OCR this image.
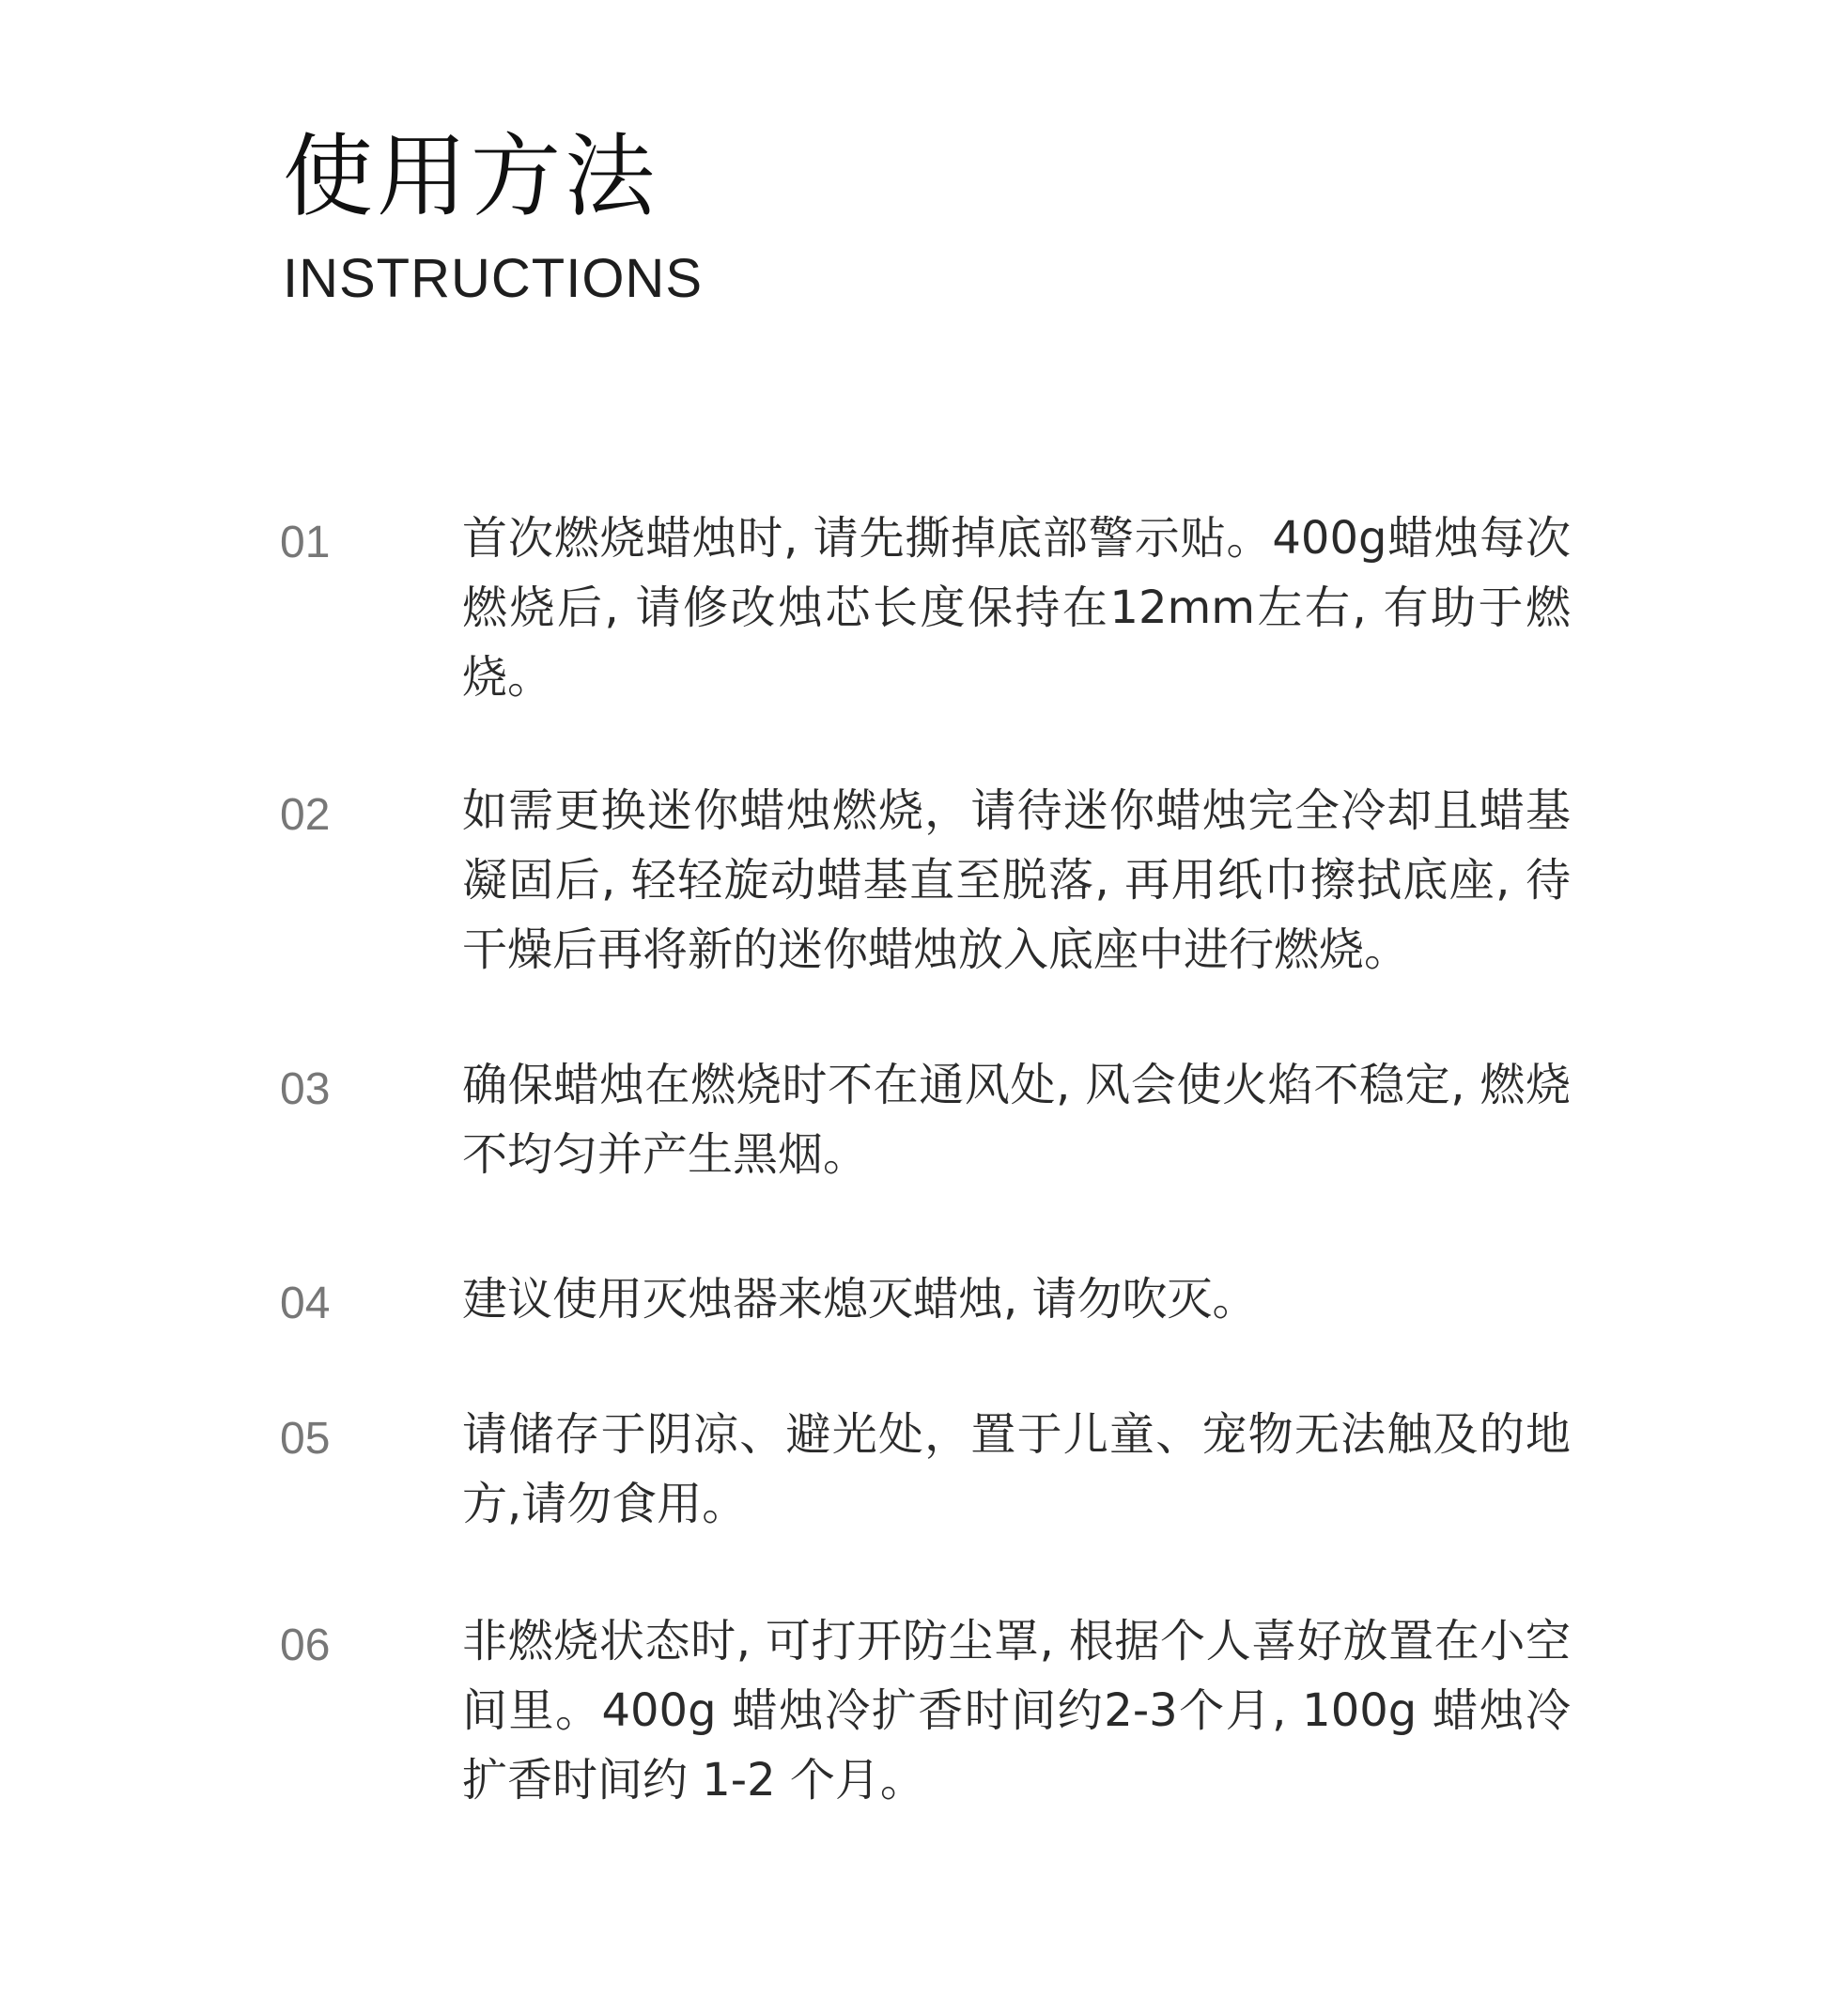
使用方法
INSTRUCTIONS
01	首次燃烧蜡烛时, 请先撕掉底部警示贴。400g蜡烛每次燃烧后, 请修改烛芯长度保持在12mm左右, 有助于燃烧。

02	如需更换迷你蜡烛燃烧，请待迷你蜡烛完全冷却且蜡基凝固后, 轻轻旋动蜡基直至脱落, 再用纸巾擦拭底座, 待干燥后再将新的迷你蜡烛放入底座中进行燃烧。

03	确保蜡烛在燃烧时不在通风处, 风会使火焰不稳定, 燃烧不均匀并产生黑烟。

04	建议使用灭烛器来熄灭蜡烛, 请勿吹灭。

05	请储存于阴凉、避光处，置于儿童、宠物无法触及的地方,请勿食用。

06	非燃烧状态时, 可打开防尘罩, 根据个人喜好放置在小空间里。400g 蜡烛冷扩香时间约2-3个月, 100g 蜡烛冷扩香时间约 1-2 个月。
